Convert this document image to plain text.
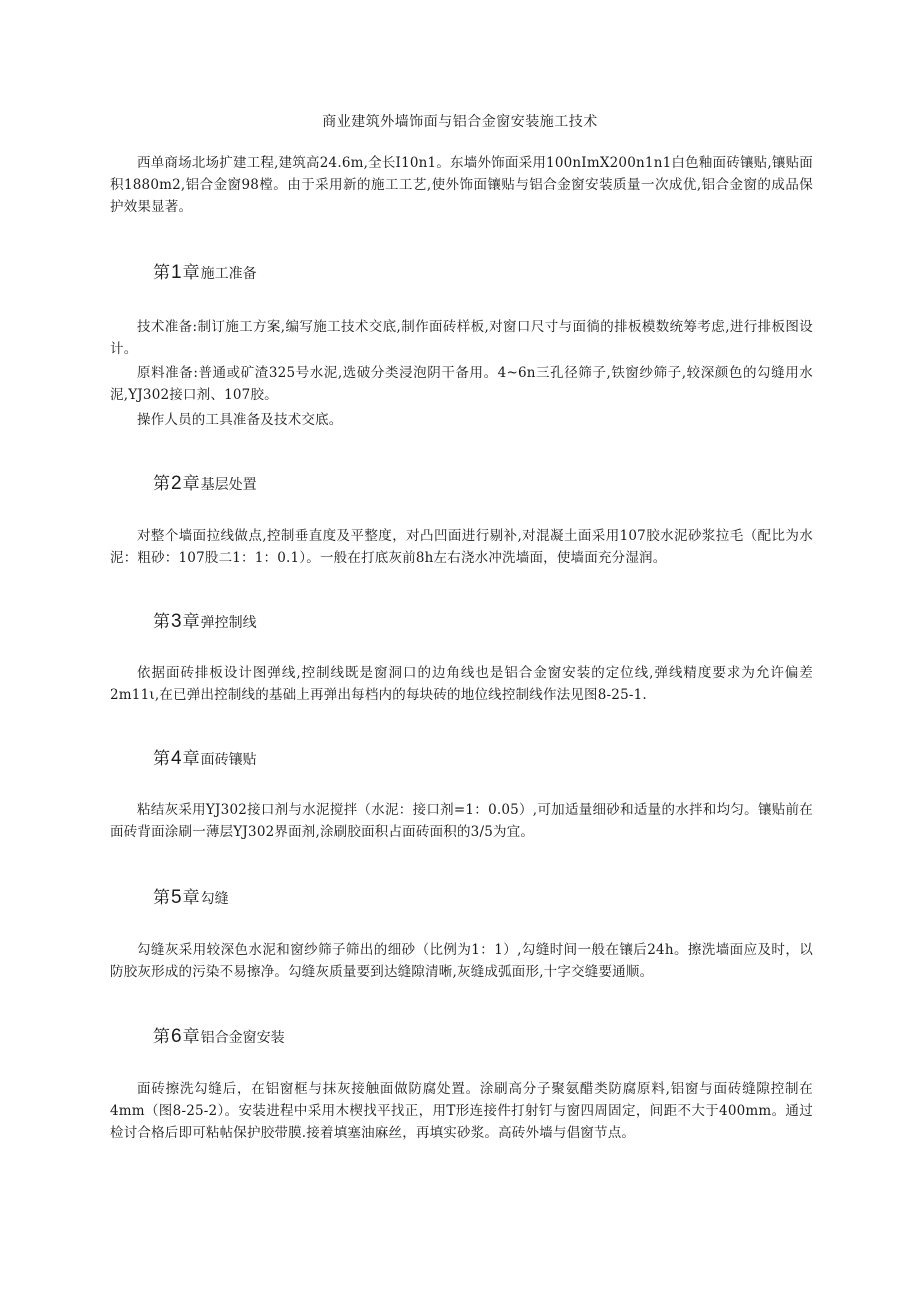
商业建筑外墙饰面与铝合金窗安装施工技术

西单商场北场扩建工程,建筑高24.6m,全长I10n1。东墙外饰面采用100nImX200n1n1白色釉面砖镶贴,镶贴面积1880m2,铝合金窗98樘。由于采用新的施工工艺,使外饰面镶贴与铝合金窗安装质量一次成优,铝合金窗的成品保护效果显著。

第 1 章 施工准备

技术准备:制订施工方案,编写施工技术交底,制作面砖样板,对窗口尺寸与面徜的排板模数统筹考虑,进行排板图设计。

原料准备:普通或矿渣325号水泥,选破分类浸泡阴干备用。4~6n三孔径筛子,铁窗纱筛子,较深颜色的勾缝用水泥,YJ302接口剂、107胶。

操作人员的工具准备及技术交底。

第 2 章 基层处置

对整个墙面拉线做点,控制垂直度及平整度，对凸凹面进行剔补,对混凝土面采用107胶水泥砂浆拉毛（配比为水泥：粗砂：107股二1：1：0.1）。一般在打底灰前8h左右浇水冲洗墙面，使墙面充分湿润。

第 3 章 弹控制线

依据面砖排板设计图弹线,控制线既是窗洞口的边角线也是铝合金窗安装的定位线,弹线精度要求为允许偏差2m11ι,在已弹出控制线的基础上再弹出每档内的每块砖的地位线控制线作法见图8-25-1.

第 4 章 面砖镶贴

粘结灰采用YJ302接口剂与水泥搅拌（水泥：接口剂=1：0.05）,可加适量细砂和适量的水拌和均匀。镶贴前在面砖背面涂刷一薄层YJ302界面剂,涂刷胶面积占面砖面积的3/5为宜。

第 5 章 勾缝

勾缝灰采用较深色水泥和窗纱筛子筛出的细砂（比例为1：1）,勾缝时间一般在镶后24h。擦洗墙面应及时，以防胶灰形成的污染不易擦净。勾缝灰质量要到达缝隙清晰,灰缝成弧面形,十字交缝要通顺。

第 6 章 铝合金窗安装

面砖擦洗勾缝后，在铝窗框与抹灰接触面做防腐处置。涂刷高分子聚氨醋类防腐原料,铝窗与面砖缝隙控制在4mm（图8-25-2）。安装进程中采用木楔找平找正，用T形连接件打射钉与窗四周固定，间距不大于400mm。通过检讨合格后即可粘帖保护胶带膜.接着填塞油麻丝，再填实砂浆。高砖外墙与倡窗节点。
